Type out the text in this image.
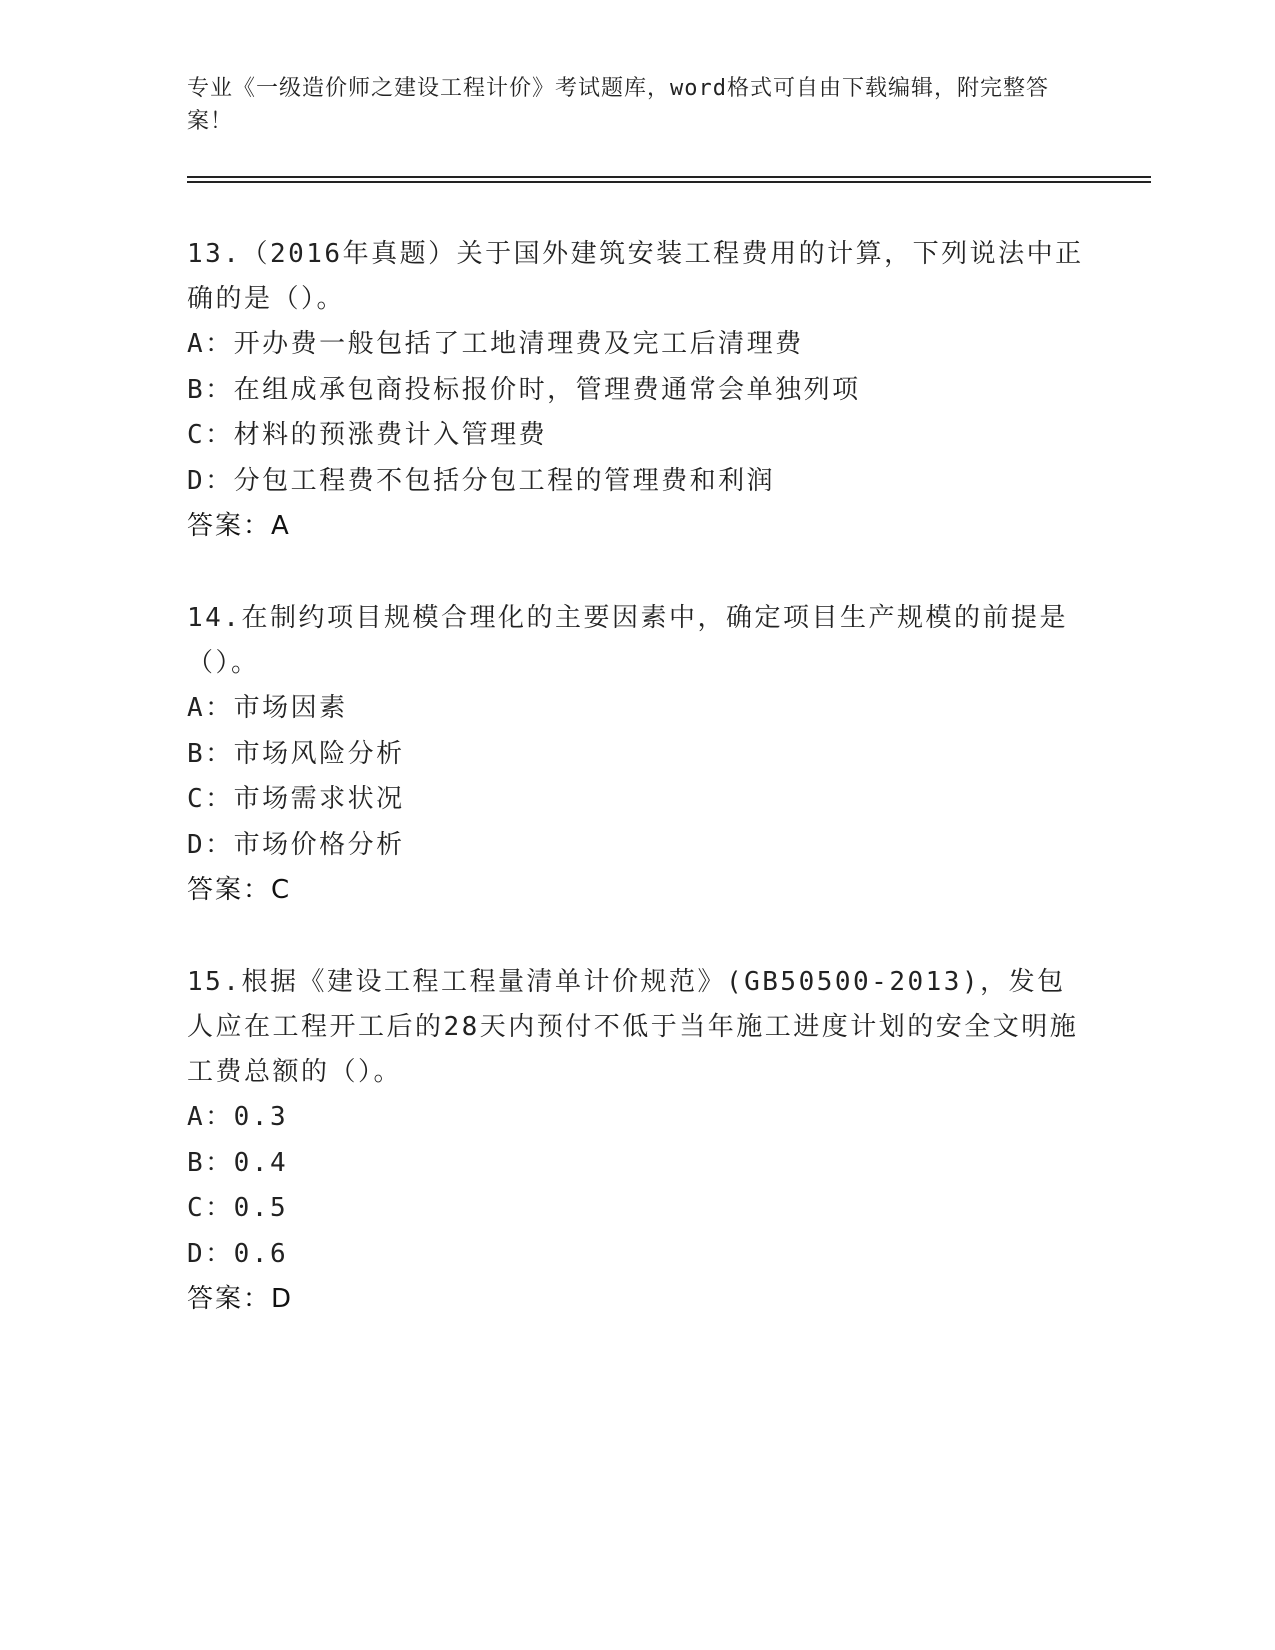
专业《一级造价师之建设工程计价》考试题库，word格式可自由下载编辑，附完整答案！

13.（2016年真题）关于国外建筑安装工程费用的计算，下列说法中正确的是（）。

A：开办费一般包括了工地清理费及完工后清理费

B：在组成承包商投标报价时，管理费通常会单独列项

C：材料的预涨费计入管理费

D：分包工程费不包括分包工程的管理费和利润

答案：A

14.在制约项目规模合理化的主要因素中，确定项目生产规模的前提是（）。

A：市场因素

B：市场风险分析

C：市场需求状况

D：市场价格分析

答案：C

15.根据《建设工程工程量清单计价规范》(GB50500-2013)，发包人应在工程开工后的28天内预付不低于当年施工进度计划的安全文明施工费总额的（）。

A：0.3

B：0.4

C：0.5

D：0.6

答案：D
